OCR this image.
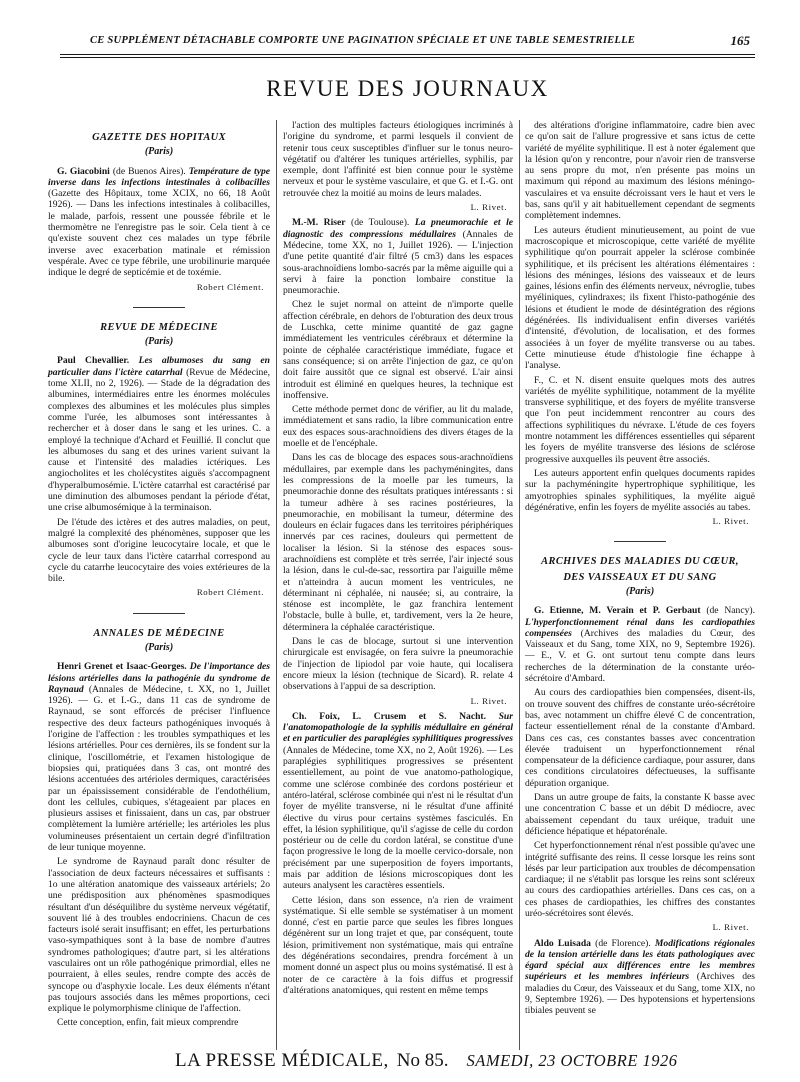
CE SUPPLÉMENT DÉTACHABLE COMPORTE UNE PAGINATION SPÉCIALE ET UNE TABLE SEMESTRIELLE	165
REVUE DES JOURNAUX
GAZETTE DES HOPITAUX
(Paris)

G. Giacobini (de Buenos Aires). Température de type inverse dans les infections intestinales à colibacilles (Gazette des Hôpitaux, tome XCIX, no 66, 18 Août 1926). — Dans les infections intestinales à colibacilles, le malade, parfois, ressent une poussée fébrile et le thermomètre ne l'enregistre pas le soir. Cela tient à ce qu'existe souvent chez ces malades un type fébrile inverse avec exacerbation matinale et rémission vespérale. Avec ce type fébrile, une urobilinurie marquée indique le degré de septicémie et de toxémie.

Robert Clément.
REVUE DE MÉDECINE
(Paris)

Paul Chevallier. Les albumoses du sang en particulier dans l'ictère catarrhal (Revue de Médecine, tome XLII, no 2, 1926). — Stade de la dégradation des albumines, intermédiaires entre les énormes molécules complexes des albumines et les molécules plus simples comme l'urée, les albumoses sont intéressantes à rechercher et à doser dans le sang et les urines. C. a employé la technique d'Achard et Feuillié. Il conclut que les albumoses du sang et des urines varient suivant la cause et l'intensité des maladies ictériques. Les angiocholites et les cholécystites aiguës s'accompagnent d'hyperalbumosémie. L'ictère catarrhal est caractérisé par une diminution des albumoses pendant la période d'état, une crise albumosémique à la terminaison.

De l'étude des ictères et des autres maladies, on peut, malgré la complexité des phénomènes, supposer que les albumoses sont d'origine leucocytaire locale, et que le cycle de leur taux dans l'ictère catarrhal correspond au cycle du catarrhe leucocytaire des voies extérieures de la bile.

Robert Clément.
ANNALES DE MÉDECINE
(Paris)

Henri Grenet et Isaac-Georges. De l'importance des lésions artérielles dans la pathogénie du syndrome de Raynaud (Annales de Médecine, t. XX, no 1, Juillet 1926). — G. et I.-G., dans 11 cas de syndrome de Raynaud, se sont efforcés de préciser l'influence respective des deux facteurs pathogéniques invoqués à l'origine de l'affection : les troubles sympathiques et les lésions artérielles. Pour ces dernières, ils se fondent sur la clinique, l'oscillométrie, et l'examen histologique de biopsies qui, pratiquées dans 3 cas, ont montré des lésions accentuées des artérioles dermiques, caractérisées par un épaississement considérable de l'endothélium, dont les cellules, cubiques, s'étageaient par places en plusieurs assises et finissaient, dans un cas, par obstruer complètement la lumière artérielle; les artérioles les plus volumineuses présentaient un certain degré d'infiltration de leur tunique moyenne.

Le syndrome de Raynaud paraît donc résulter de l'association de deux facteurs nécessaires et suffisants : 1o une altération anatomique des vaisseaux artériels; 2o une prédisposition aux phénomènes spasmodiques résultant d'un déséquilibre du système nerveux végétatif, souvent lié à des troubles endocriniens. Chacun de ces facteurs isolé serait insuffisant; en effet, les perturbations vaso-sympathiques sont à la base de nombre d'autres syndromes pathologiques; d'autre part, si les altérations vasculaires ont un rôle pathogénique primordial, elles ne pourraient, à elles seules, rendre compte des accès de syncope ou d'asphyxie locale. Les deux éléments n'étant pas toujours associés dans les mêmes proportions, ceci explique le polymorphisme clinique de l'affection.

Cette conception, enfin, fait mieux comprendre

l'action des multiples facteurs étiologiques incriminés à l'origine du syndrome, et parmi lesquels il convient de retenir tous ceux susceptibles d'influer sur le tonus neuro-végétatif ou d'altérer les tuniques artérielles, syphilis, par exemple, dont l'affinité est bien connue pour le système nerveux et pour le système vasculaire, et que G. et I.-G. ont retrouvée chez la moitié au moins de leurs malades.

L. Rivet.

M.-M. Riser (de Toulouse). La pneumorachie et le diagnostic des compressions médullaires (Annales de Médecine, tome XX, no 1, Juillet 1926). — L'injection d'une petite quantité d'air filtré (5 cm3) dans les espaces sous-arachnoïdiens lombo-sacrés par la même aiguille qui a servi à faire la ponction lombaire constitue la pneumorachie.

Chez le sujet normal on atteint de n'importe quelle affection cérébrale, en dehors de l'obturation des deux trous de Luschka, cette minime quantité de gaz gagne immédiatement les ventricules cérébraux et détermine la pointe de céphalée caractéristique immédiate, fugace et sans conséquence; si on arrête l'injection de gaz, ce qu'on doit faire aussitôt que ce signal est observé. L'air ainsi introduit est éliminé en quelques heures, la technique est inoffensive.

Cette méthode permet donc de vérifier, au lit du malade, immédiatement et sans radio, la libre communication entre eux des espaces sous-arachnoïdiens des divers étages de la moelle et de l'encéphale.

Dans les cas de blocage des espaces sous-arachnoïdiens médullaires, par exemple dans les pachyméningites, dans les compressions de la moelle par les tumeurs, la pneumorachie donne des résultats pratiques intéressants : si la tumeur adhère à ses racines postérieures, la pneumorachie, en mobilisant la tumeur, détermine des douleurs en éclair fugaces dans les territoires périphériques innervés par ces racines, douleurs qui permettent de localiser la lésion. Si la sténose des espaces sous-arachnoïdiens est complète et très serrée, l'air injecté sous la lésion, dans le cul-de-sac, ressortira par l'aiguille même et n'atteindra à aucun moment les ventricules, ne déterminant ni céphalée, ni nausée; si, au contraire, la sténose est incomplète, le gaz franchira lentement l'obstacle, bulle à bulle, et, tardivement, vers la 2e heure, déterminera la céphalée caractéristique.

Dans le cas de blocage, surtout si une intervention chirurgicale est envisagée, on fera suivre la pneumorachie de l'injection de lipiodol par voie haute, qui localisera encore mieux la lésion (technique de Sicard). R. relate 4 observations à l'appui de sa description.

L. Rivet.

Ch. Foix, L. Crusem et S. Nacht. Sur l'anatomopathologie de la syphilis médullaire en général et en particulier des paraplégies syphilitiques progressives (Annales de Médecine, tome XX, no 2, Août 1926). — Les paraplégies syphilitiques progressives se présentent essentiellement, au point de vue anatomo-pathologique, comme une sclérose combinée des cordons postérieur et antéro-latéral, sclérose combinée qui n'est ni le résultat d'un foyer de myélite transverse, ni le résultat d'une affinité élective du virus pour certains systèmes fasciculés. En effet, la lésion syphilitique, qu'il s'agisse de celle du cordon postérieur ou de celle du cordon latéral, se constitue d'une façon progressive le long de la moelle cervico-dorsale, non précisément par une superposition de foyers importants, mais par addition de lésions microscopiques dont les auteurs analysent les caractères essentiels.

Cette lésion, dans son essence, n'a rien de vraiment systématique. Si elle semble se systématiser à un moment donné, c'est en partie parce que seules les fibres longues dégénèrent sur un long trajet et que, par conséquent, toute lésion, primitivement non systématique, mais qui entraîne des dégénérations secondaires, prendra forcément à un moment donné un aspect plus ou moins systématisé. Il est à noter de ce caractère à la fois diffus et progressif d'altérations anatomiques, qui restent en même temps

des altérations d'origine inflammatoire, cadre bien avec ce qu'on sait de l'allure progressive et sans ictus de cette variété de myélite syphilitique. Il est à noter également que la lésion qu'on y rencontre, pour n'avoir rien de transverse au sens propre du mot, n'en présente pas moins un maximum qui répond au maximum des lésions méningo-vasculaires et va ensuite décroissant vers le haut et vers le bas, sans qu'il y ait habituellement cependant de segments complètement indemnes.

Les auteurs étudient minutieusement, au point de vue macroscopique et microscopique, cette variété de myélite syphilitique qu'on pourrait appeler la sclérose combinée syphilitique, et ils précisent les altérations élémentaires : lésions des méninges, lésions des vaisseaux et de leurs gaines, lésions enfin des éléments nerveux, névroglie, tubes myéliniques, cylindraxes; ils fixent l'histo-pathogénie des lésions et étudient le mode de désintégration des régions dégénérées. Ils individualisent enfin diverses variétés d'intensité, d'évolution, de localisation, et des formes associées à un foyer de myélite transverse ou au tabes. Cette minutieuse étude d'histologie fine échappe à l'analyse.

F., C. et N. disent ensuite quelques mots des autres variétés de myélite syphilitique, notamment de la myélite transverse syphilitique, et des foyers de myélite transverse que l'on peut incidemment rencontrer au cours des affections syphilitiques du névraxe. L'étude de ces foyers montre notamment les différences essentielles qui séparent les foyers de myélite transverse des lésions de sclérose progressive auxquelles ils peuvent être associés.

Les auteurs apportent enfin quelques documents rapides sur la pachyméningite hypertrophique syphilitique, les amyotrophies spinales syphilitiques, la myélite aiguë dégénérative, enfin les foyers de myélite associés au tabes.

L. Rivet.
ARCHIVES DES MALADIES DU CŒUR,
DES VAISSEAUX ET DU SANG
(Paris)

G. Etienne, M. Verain et P. Gerbaut (de Nancy). L'hyperfonctionnement rénal dans les cardiopathies compensées (Archives des maladies du Cœur, des Vaisseaux et du Sang, tome XIX, no 9, Septembre 1926). — E., V. et G. ont surtout tenu compte dans leurs recherches de la détermination de la constante uréo-sécrétoire d'Ambard.

Au cours des cardiopathies bien compensées, disent-ils, on trouve souvent des chiffres de constante uréo-sécrétoire bas, avec notamment un chiffre élevé C de concentration, facteur essentiellement rénal de la constante d'Ambard. Dans ces cas, ces constantes basses avec concentration élevée traduisent un hyperfonctionnement rénal compensateur de la déficience cardiaque, pour assurer, dans ces conditions circulatoires défectueuses, la suffisante dépuration organique.

Dans un autre groupe de faits, la constante K basse avec une concentration C basse et un débit D médiocre, avec abaissement cependant du taux uréique, traduit une déficience hépatique et hépatorénale.

Cet hyperfonctionnement rénal n'est possible qu'avec une intégrité suffisante des reins. Il cesse lorsque les reins sont lésés par leur participation aux troubles de décompensation cardiaque; il ne s'établit pas lorsque les reins sont scléreux au cours des cardiopathies artérielles. Dans ces cas, on a ces phases de cardiopathies, les chiffres des constantes uréo-sécrétoires sont élevés.

L. Rivet.

Aldo Luisada (de Florence). Modifications régionales de la tension artérielle dans les états pathologiques avec égard spécial aux différences entre les membres supérieurs et les membres inférieurs (Archives des maladies du Cœur, des Vaisseaux et du Sang, tome XIX, no 9, Septembre 1926). — Des hypotensions et hypertensions tibiales peuvent se

LA PRESSE MÉDICALE, No 85. SAMEDI, 23 OCTOBRE 1926
